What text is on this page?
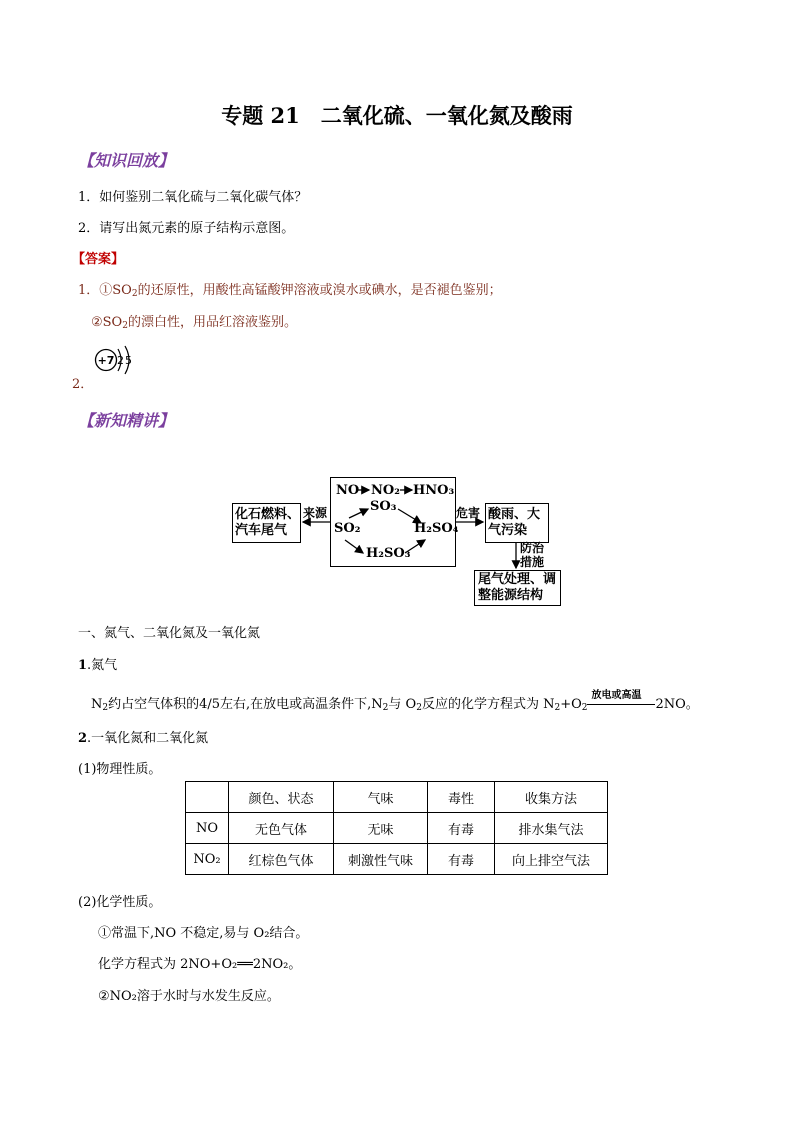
专题 21　二氧化硫、一氧化氮及酸雨
【知识回放】
1．如何鉴别二氧化硫与二氧化碳气体？
2．请写出氮元素的原子结构示意图。
【答案】
1．$①SO_2$的还原性，用酸性高锰酸钾溶液或溴水或碘水，是否褪色鉴别；
$②SO_2$的漂白性，用品红溶液鉴别。
+7 2 5
2．
【新知精讲】
化石燃料、
汽车尾气
酸雨、大
气污染
尾气处理、调
整能源结构
NO NO₂ HNO₃
SO₃
SO₂	H₂SO₄
H₂SO₃
来源	危害
防治
措施
一、氮气、二氧化氮及一氧化氮
1.氮气
$N_2$约占空气体积的4/5左右,在放电或高温条件下$,N_2$与 $O_2$反应的化学方程式为 $N_2+O_2$
放电或高温
2NO。
2.一氧化氮和二氧化氮
(1)物理性质。
	颜色、状态	气味	毒性	收集方法
NO	无色气体	无味	有毒	排水集气法
NO₂	红棕色气体	刺激性气味	有毒	向上排空气法
(2)化学性质。
①常温下,NO 不稳定,易与 O₂结合。
化学方程式为 2NO+O₂══2NO₂。
②NO₂溶于水时与水发生反应。
